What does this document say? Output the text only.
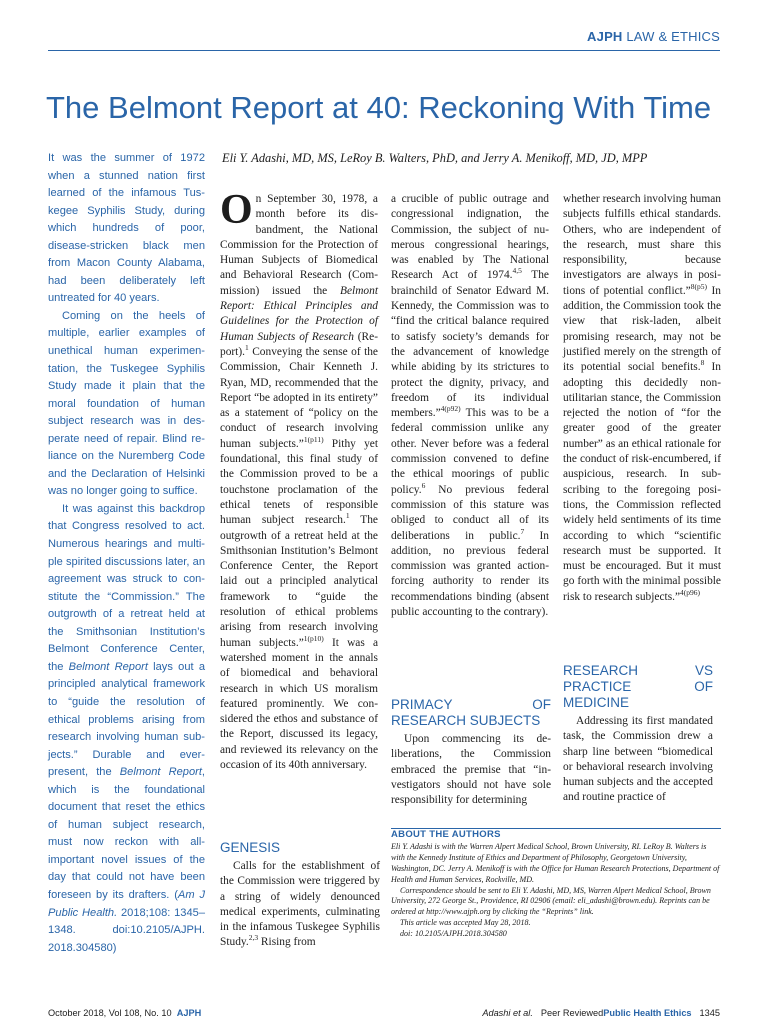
AJPH LAW & ETHICS
The Belmont Report at 40: Reckoning With Time

It was the summer of 1972 when a stunned nation first learned of the infamous Tuskegee Syphilis Study, during which hundreds of poor, disease-stricken black men from Macon County Alabama, had been deliberately left untreated for 40 years.

Coming on the heels of multiple, earlier examples of unethical human experimentation, the Tuskegee Syphilis Study made it plain that the moral foundation of human subject research was in desperate need of repair. Blind reliance on the Nuremberg Code and the Declaration of Helsinki was no longer going to suffice.

It was against this backdrop that Congress resolved to act. Numerous hearings and multiple spirited discussions later, an agreement was struck to constitute the “Commission.” The outgrowth of a retreat held at the Smithsonian Institution’s Belmont Conference Center, the Belmont Report lays out a principled analytical framework to “guide the resolution of ethical problems arising from research involving human subjects.” Durable and ever-present, the Belmont Report, which is the foundational document that reset the ethics of human subject research, must now reckon with all-important novel issues of the day that could not have been foreseen by its drafters. (Am J Public Health. 2018;108: 1345–1348. doi:10.2105/AJPH. 2018.304580)

Eli Y. Adashi, MD, MS, LeRoy B. Walters, PhD, and Jerry A. Menikoff, MD, JD, MPP

On September 30, 1978, a month before its disbandment, the National Commission for the Protection of Human Subjects of Biomedical and Behavioral Research (Commission) issued the Belmont Report: Ethical Principles and Guidelines for the Protection of Human Subjects of Research (Report).$^1$ Conveying the sense of the Commission, Chair Kenneth J. Ryan, MD, recommended that the Report “be adopted in its entirety” as a statement of “policy on the conduct of research involving human subjects.”$^{1(p11)}$ Pithy yet foundational, this final study of the Commission proved to be a touchstone proclamation of the ethical tenets of responsible human subject research.$^1$ The outgrowth of a retreat held at the Smithsonian Institution’s Belmont Conference Center, the Report laid out a principled analytical framework to “guide the resolution of ethical problems arising from research involving human subjects.”$^{1(p10)}$ It was a watershed moment in the annals of biomedical and behavioral research in which US moralism featured prominently. We considered the ethos and substance of the Report, discussed its legacy, and reviewed its relevancy on the occasion of its 40th anniversary.

GENESIS

Calls for the establishment of the Commission were triggered by a string of widely denounced medical experiments, culminating in the infamous Tuskegee Syphilis Study.$^{2,3}$ Rising from

a crucible of public outrage and congressional indignation, the Commission, the subject of numerous congressional hearings, was enabled by The National Research Act of 1974.$^{4,5}$ The brainchild of Senator Edward M. Kennedy, the Commission was to “find the critical balance required to satisfy society’s demands for the advancement of knowledge while abiding by its strictures to protect the dignity, privacy, and freedom of its individual members.”$^{4(p92)}$ This was to be a federal commission unlike any other. Never before was a federal commission convened to define the ethical moorings of public policy.$^6$ No previous federal commission of this stature was obliged to conduct all of its deliberations in public.$^7$ In addition, no previous federal commission was granted action-forcing authority to render its recommendations binding (absent public accounting to the contrary).

PRIMACY OF RESEARCH SUBJECTS

Upon commencing its deliberations, the Commission embraced the premise that “investigators should not have sole responsibility for determining

whether research involving human subjects fulfills ethical standards. Others, who are independent of the research, must share this responsibility, because investigators are always in positions of potential conflict.”$^{8(p5)}$ In addition, the Commission took the view that risk-laden, albeit promising research, may not be justified merely on the strength of its potential social benefits.$^8$ In adopting this decidedly non-utilitarian stance, the Commission rejected the notion of “for the greater good of the greater number” as an ethical rationale for the conduct of risk-encumbered, if auspicious, research. In subscribing to the foregoing positions, the Commission reflected widely held sentiments of its time according to which “scientific research must be supported. It must be encouraged. But it must go forth with the minimal possible risk to research subjects.”$^{4(p96)}$

RESEARCH VS PRACTICE OF MEDICINE

Addressing its first mandated task, the Commission drew a sharp line between “biomedical or behavioral research involving human subjects and the accepted and routine practice of

ABOUT THE AUTHORS

Eli Y. Adashi is with the Warren Alpert Medical School, Brown University, RI. LeRoy B. Walters is with the Kennedy Institute of Ethics and Department of Philosophy, Georgetown University, Washington, DC. Jerry A. Menikoff is with the Office for Human Research Protections, Department of Health and Human Services, Rockville, MD.

Correspondence should be sent to Eli Y. Adashi, MD, MS, Warren Alpert Medical School, Brown University, 272 George St., Providence, RI 02906 (email: eli_adashi@brown.edu). Reprints can be ordered at http://www.ajph.org by clicking the “Reprints” link.

This article was accepted May 28, 2018.

doi: 10.2105/AJPH.2018.304580

October 2018, Vol 108, No. 10 AJPH	Adashi et al. Peer ReviewedPublic Health Ethics 1345
